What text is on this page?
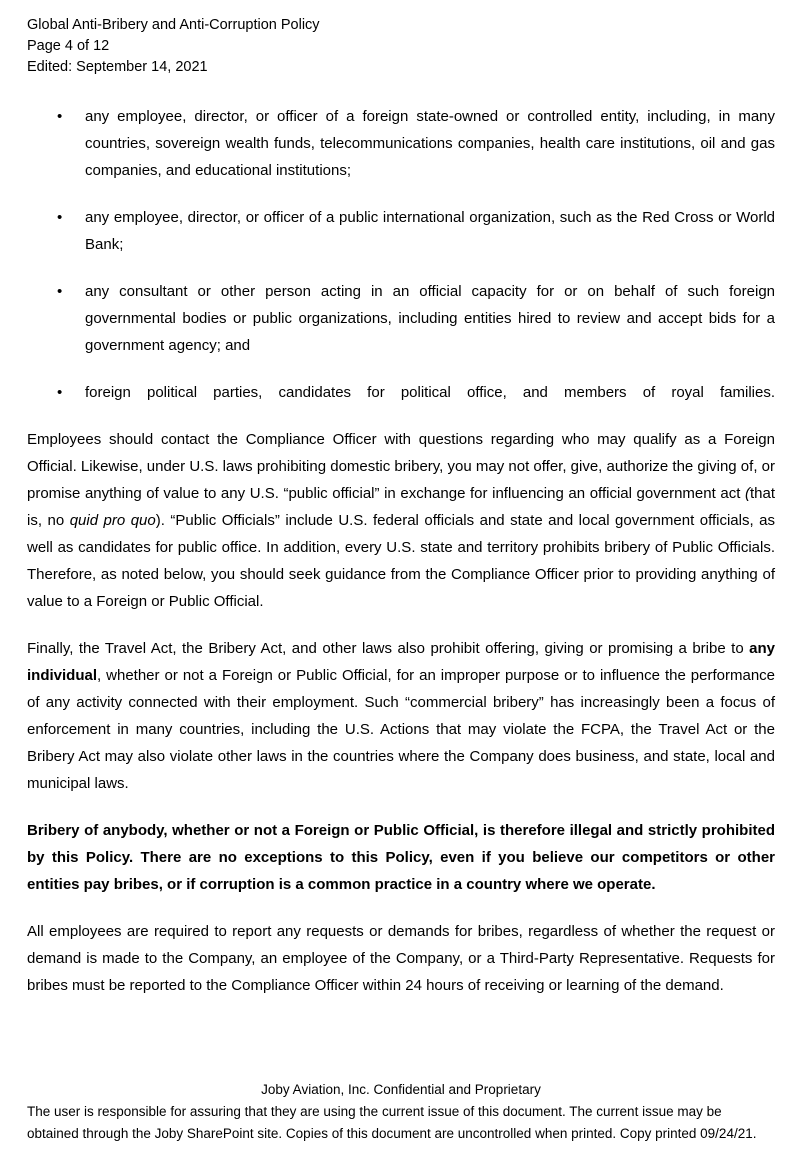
Global Anti-Bribery and Anti-Corruption Policy
Page 4 of 12
Edited: September 14, 2021
• any employee, director, or officer of a foreign state-owned or controlled entity, including, in many countries, sovereign wealth funds, telecommunications companies, health care institutions, oil and gas companies, and educational institutions;
• any employee, director, or officer of a public international organization, such as the Red Cross or World Bank;
• any consultant or other person acting in an official capacity for or on behalf of such foreign governmental bodies or public organizations, including entities hired to review and accept bids for a government agency; and
• foreign political parties, candidates for political office, and members of royal families.

Employees should contact the Compliance Officer with questions regarding who may qualify as a Foreign Official. Likewise, under U.S. laws prohibiting domestic bribery, you may not offer, give, authorize the giving of, or promise anything of value to any U.S. “public official” in exchange for influencing an official government act (that is, no quid pro quo). “Public Officials” include U.S. federal officials and state and local government officials, as well as candidates for public office. In addition, every U.S. state and territory prohibits bribery of Public Officials. Therefore, as noted below, you should seek guidance from the Compliance Officer prior to providing anything of value to a Foreign or Public Official.

Finally, the Travel Act, the Bribery Act, and other laws also prohibit offering, giving or promising a bribe to any individual, whether or not a Foreign or Public Official, for an improper purpose or to influence the performance of any activity connected with their employment. Such “commercial bribery” has increasingly been a focus of enforcement in many countries, including the U.S. Actions that may violate the FCPA, the Travel Act or the Bribery Act may also violate other laws in the countries where the Company does business, and state, local and municipal laws.

Bribery of anybody, whether or not a Foreign or Public Official, is therefore illegal and strictly prohibited by this Policy. There are no exceptions to this Policy, even if you believe our competitors or other entities pay bribes, or if corruption is a common practice in a country where we operate.

All employees are required to report any requests or demands for bribes, regardless of whether the request or demand is made to the Company, an employee of the Company, or a Third-Party Representative. Requests for bribes must be reported to the Compliance Officer within 24 hours of receiving or learning of the demand.

Joby Aviation, Inc. Confidential and Proprietary
The user is responsible for assuring that they are using the current issue of this document. The current issue may be obtained through the Joby SharePoint site. Copies of this document are uncontrolled when printed. Copy printed 09/24/21.
